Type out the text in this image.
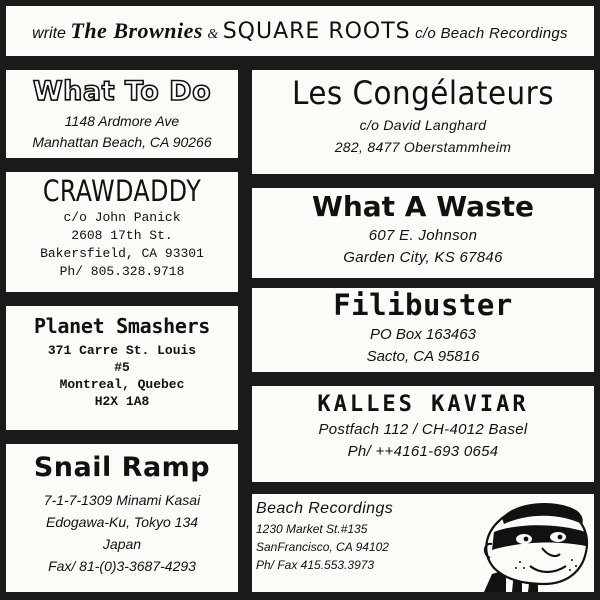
write The Brownies & SQUARE ROOTS c/o Beach Recordings
What To Do
1148 Ardmore Ave
Manhattan Beach, CA 90266
CRAWDADDY
c/o John Panick
2608 17th St.
Bakersfield, CA 93301
Ph/ 805.328.9718
Planet Smashers
371 Carre St. Louis
#5
Montreal, Quebec
H2X 1A8
Snail Ramp
7-1-7-1309 Minami Kasai
Edogawa-Ku, Tokyo 134
Japan
Fax/ 81-(0)3-3687-4293
Les Congélateurs
c/o David Langhard
282, 8477 Oberstammheim
What A Waste
607 E. Johnson
Garden City, KS 67846
Filibuster
PO Box 163463
Sacto, CA 95816
KALLES KAVIAR
Postfach 112 / CH-4012 Basel
Ph/ ++4161-693 0654
Beach Recordings
1230 Market St.#135
SanFrancisco, CA 94102
Ph/ Fax 415.553.3973
